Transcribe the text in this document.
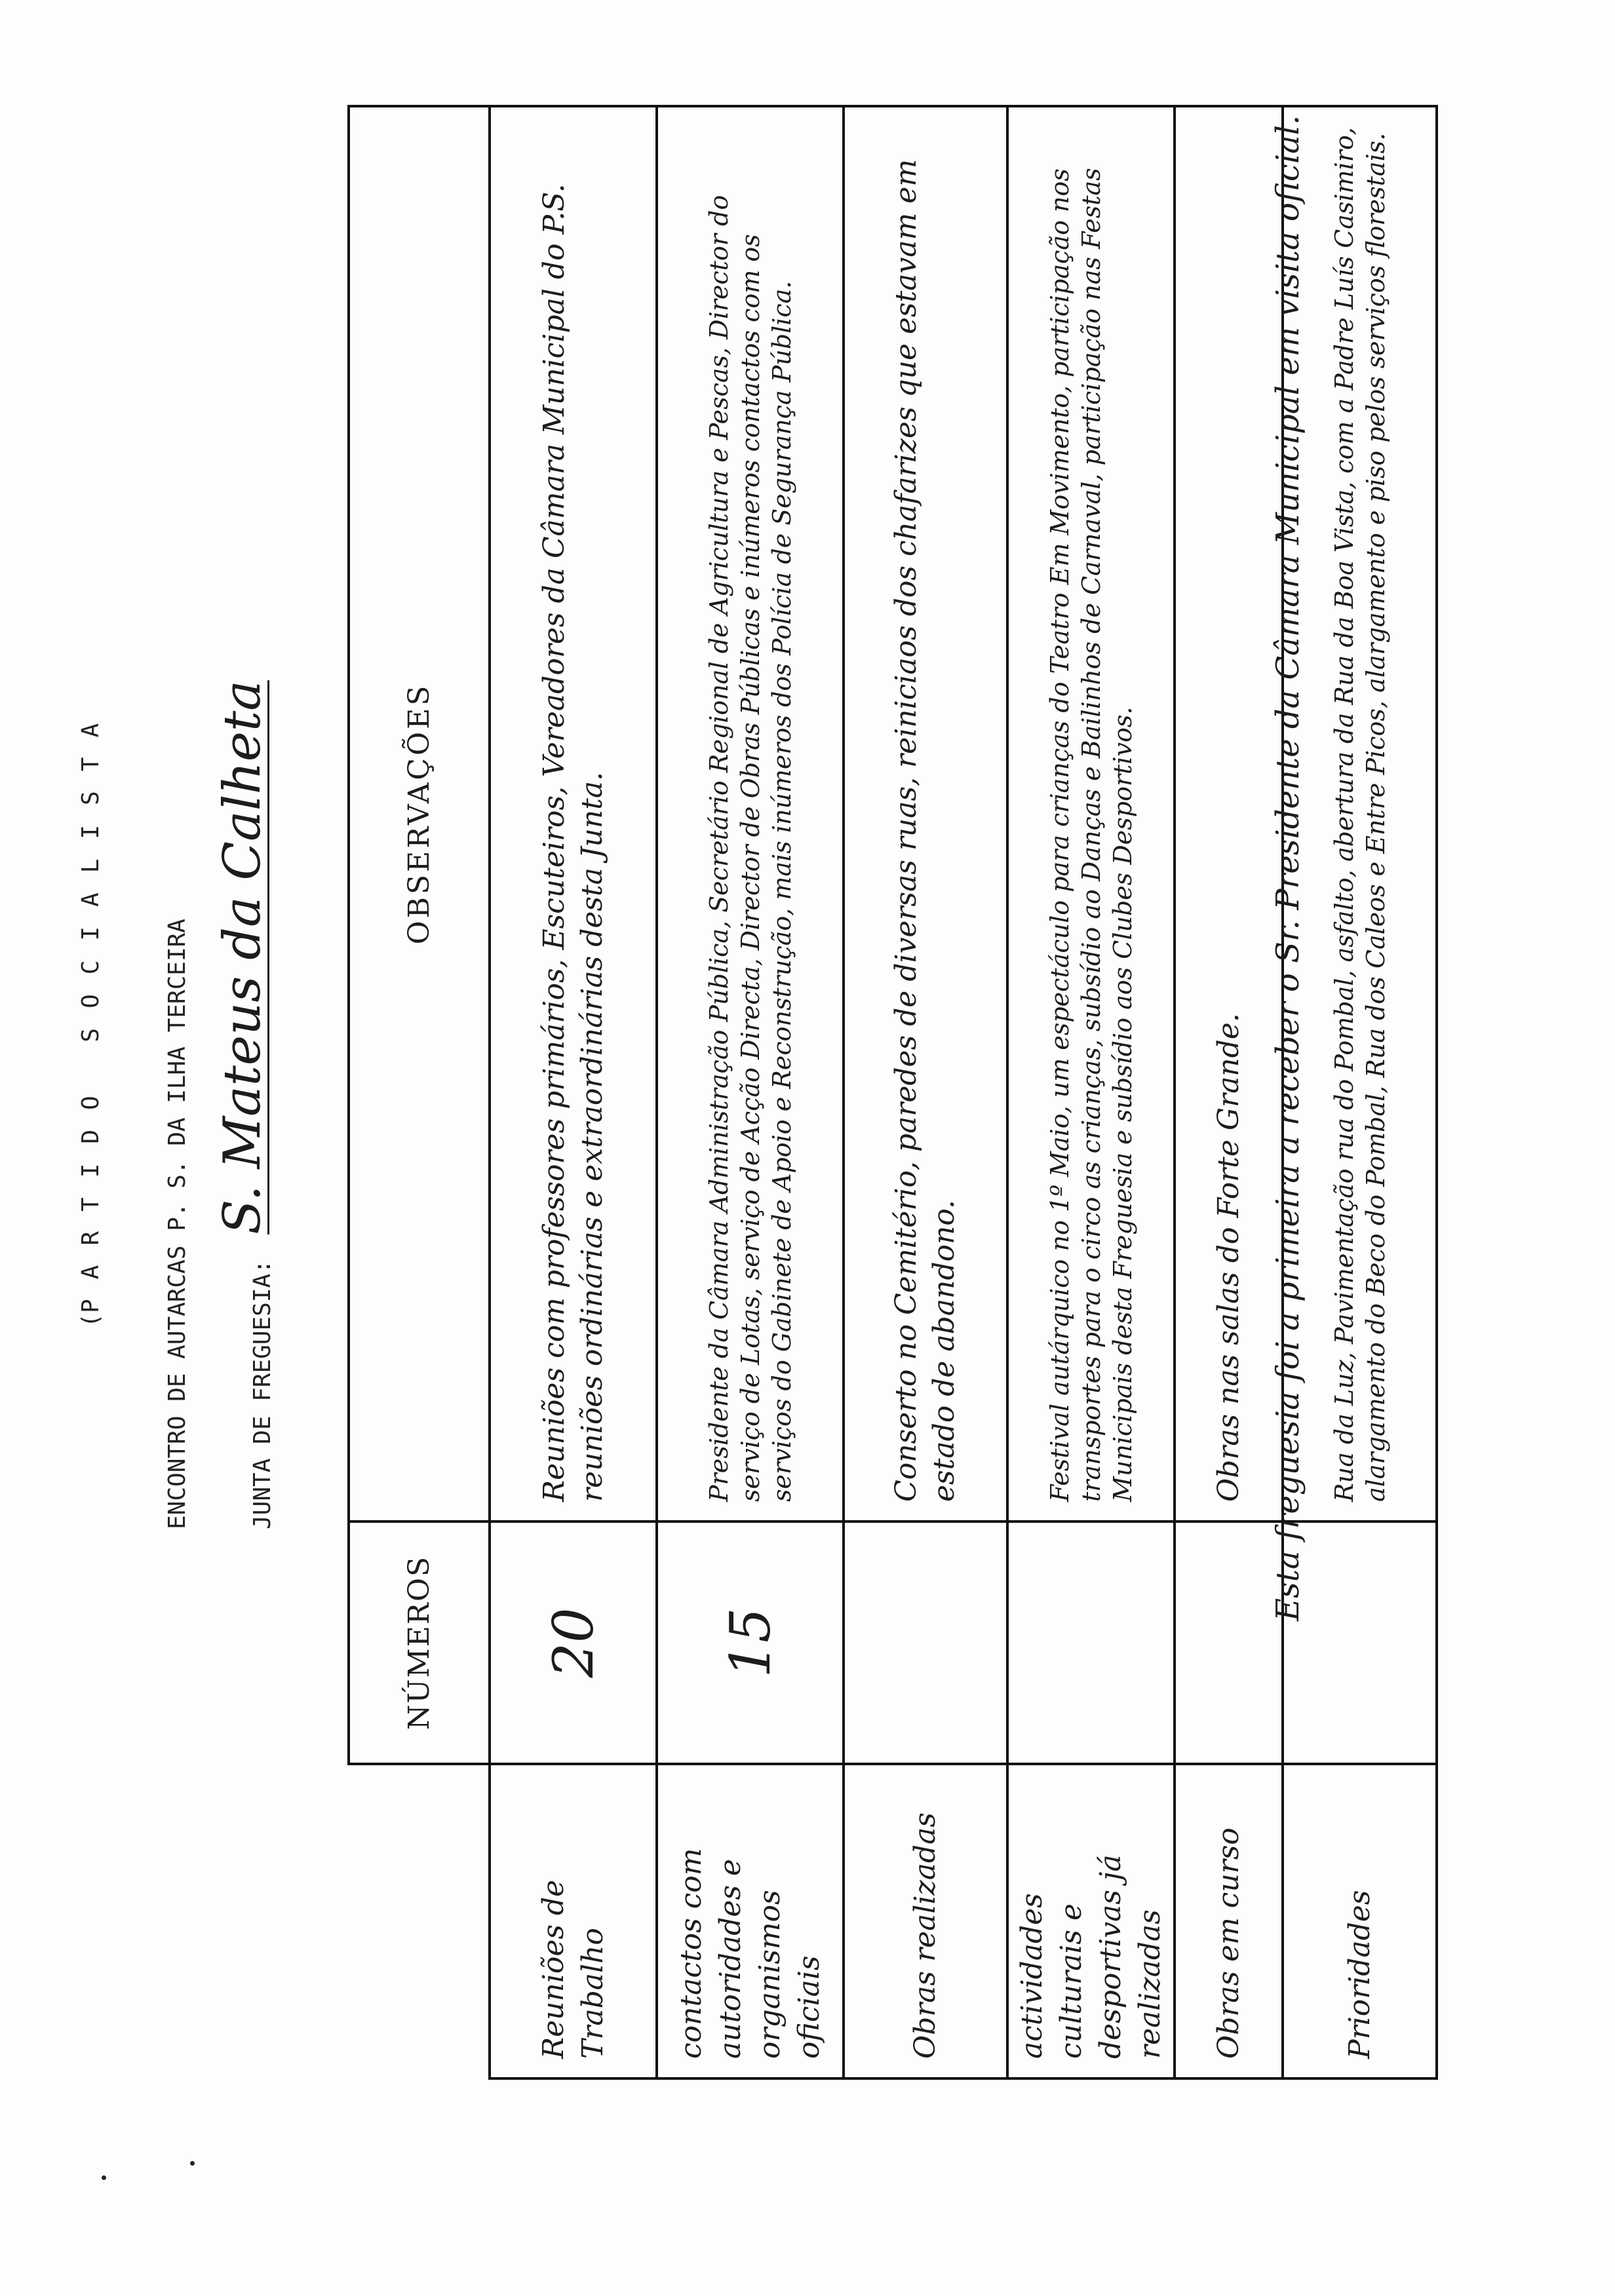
(
PARTIDO SOCIALISTA	ENCONTRO DE AUTARCAS P. S. DA ILHA TERCEIRA JUNTA DE FREGUESIA:
S. Mateus da Calheta
	NÚMEROS	OBSERVAÇÕES
Reuniões de Trabalho	20	Reuniões com professores primários, Escuteiros, Vereadores da Câmara Municipal do P.S. reuniões ordinárias e extraordinárias desta Junta.
contactos com autoridades e organismos oficiais	15	Presidente da Câmara Administração Pública, Secretário Regional de Agricultura e Pescas, Director do serviço de Lotas, serviço de Acção Directa, Director de Obras Públicas e inúmeros contactos com os serviços do Gabinete de Apoio e Reconstrução, mais inúmeros dos Polícia de Segurança Pública.
Obras realizadas		Conserto no Cemitério, paredes de diversas ruas, reiniciaos dos chafarizes que estavam em estado de abandono.
actividades culturais e desportivas já realizadas		Festival autárquico no 1º Maio, um espectáculo para crianças do Teatro Em Movimento, participação nos transportes para o circo as crianças, subsídio ao Danças e Bailinhos de Carnaval, participação nas Festas Municipais desta Freguesia e subsídio aos Clubes Desportivos.
Obras em curso		Obras nas salas do Forte Grande.
Prioridades		Rua da Luz, Pavimentação rua do Pombal, asfalto, abertura da Rua da Boa Vista, com a Padre Luís Casimiro, alargamento do Beco do Pombal, Rua dos Caleos e Entre Picos, alargamento e piso pelos serviços florestais.
Esta freguesia foi a primeira a receber o Sr. Presidente da Câmara Municipal em visita oficial.
